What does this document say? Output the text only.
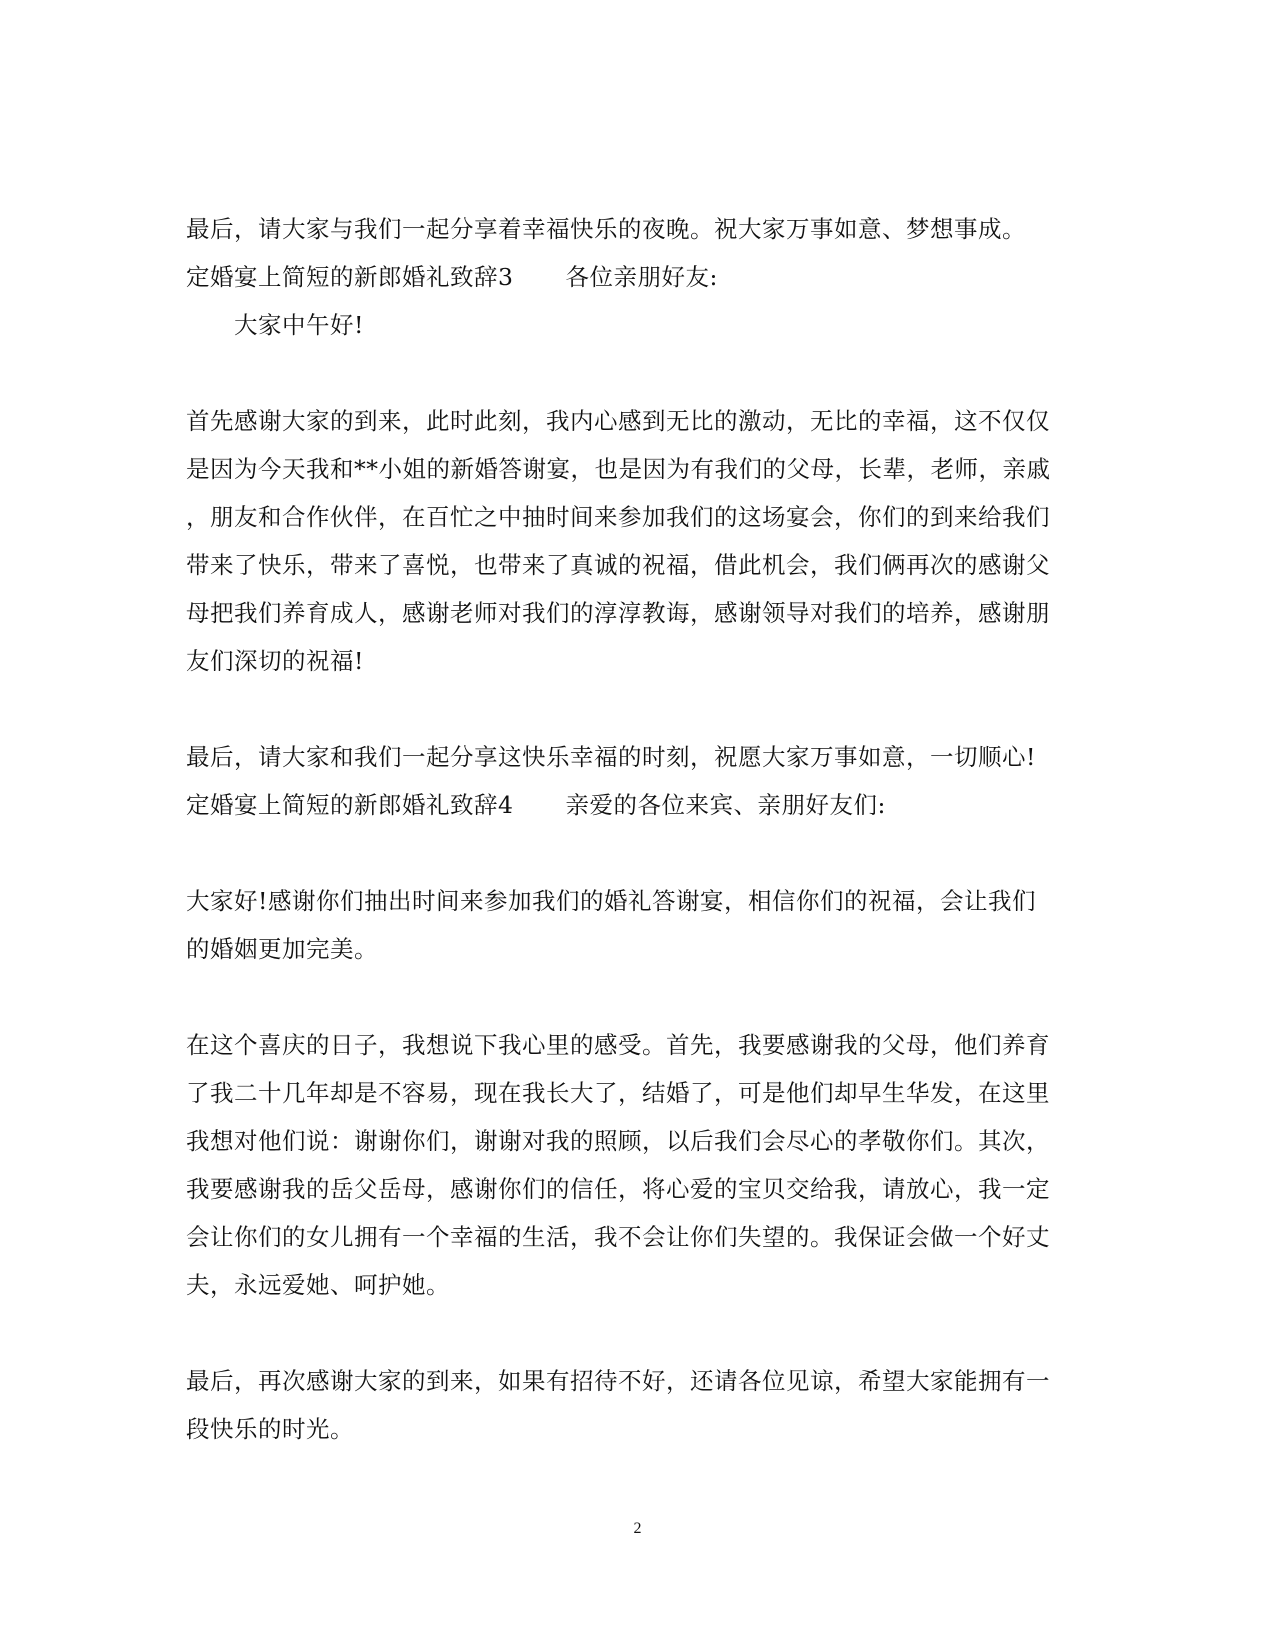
最后，请大家与我们一起分享着幸福快乐的夜晚。祝大家万事如意、梦想事成。
定婚宴上简短的新郎婚礼致辞3 各位亲朋好友:
大家中午好!
首先感谢大家的到来，此时此刻，我内心感到无比的激动，无比的幸福，这不仅仅
是因为今天我和**小姐的新婚答谢宴，也是因为有我们的父母，长辈，老师，亲戚
，朋友和合作伙伴，在百忙之中抽时间来参加我们的这场宴会，你们的到来给我们
带来了快乐，带来了喜悦，也带来了真诚的祝福，借此机会，我们俩再次的感谢父
母把我们养育成人，感谢老师对我们的淳淳教诲，感谢领导对我们的培养，感谢朋
友们深切的祝福!
最后，请大家和我们一起分享这快乐幸福的时刻，祝愿大家万事如意，一切顺心!
定婚宴上简短的新郎婚礼致辞4 亲爱的各位来宾、亲朋好友们:
大家好!感谢你们抽出时间来参加我们的婚礼答谢宴，相信你们的祝福，会让我们
的婚姻更加完美。
在这个喜庆的日子，我想说下我心里的感受。首先，我要感谢我的父母，他们养育
了我二十几年却是不容易，现在我长大了，结婚了，可是他们却早生华发，在这里
我想对他们说：谢谢你们，谢谢对我的照顾，以后我们会尽心的孝敬你们。其次，
我要感谢我的岳父岳母，感谢你们的信任，将心爱的宝贝交给我，请放心，我一定
会让你们的女儿拥有一个幸福的生活，我不会让你们失望的。我保证会做一个好丈
夫，永远爱她、呵护她。
最后，再次感谢大家的到来，如果有招待不好，还请各位见谅，希望大家能拥有一
段快乐的时光。
2
